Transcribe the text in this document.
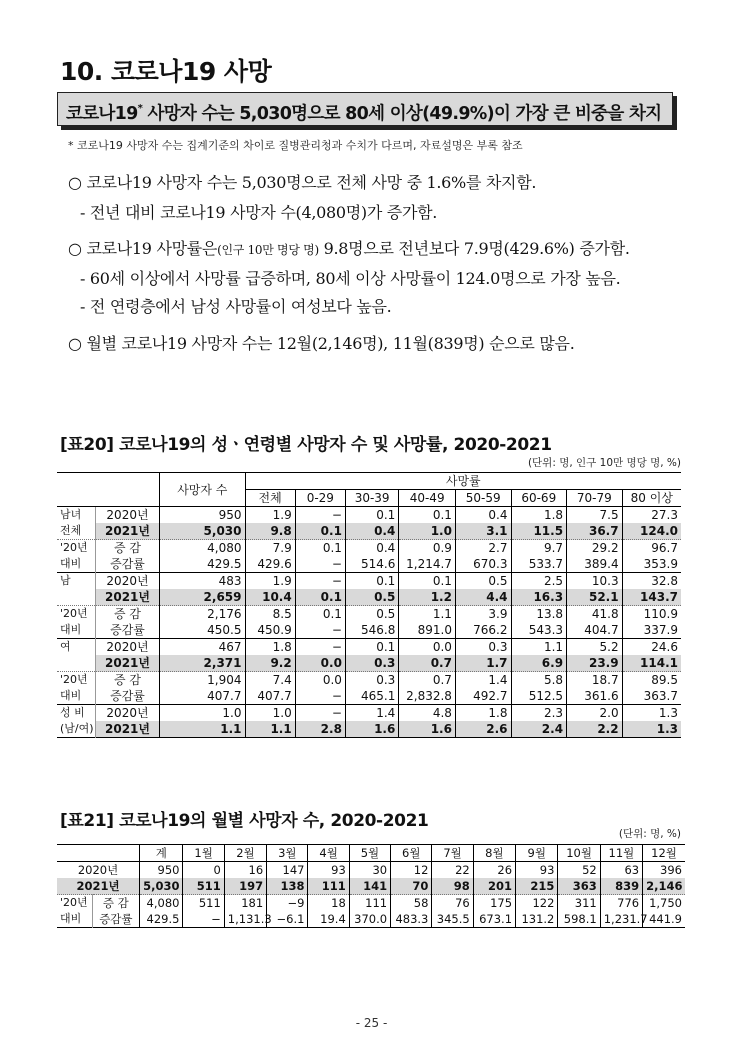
10. 코로나19 사망
코로나19* 사망자 수는 5,030명으로 80세 이상(49.9%)이 가장 큰 비중을 차지
* 코로나19 사망자 수는 집계기준의 차이로 질병관리청과 수치가 다르며, 자료설명은 부록 참조
○ 코로나19 사망자 수는 5,030명으로 전체 사망 중 1.6%를 차지함.
- 전년 대비 코로나19 사망자 수(4,080명)가 증가함.
○ 코로나19 사망률은(인구 10만 명당 명) 9.8명으로 전년보다 7.9명(429.6%) 증가함.
- 60세 이상에서 사망률 급증하며, 80세 이상 사망률이 124.0명으로 가장 높음.
- 전 연령층에서 남성 사망률이 여성보다 높음.
○ 월별 코로나19 사망자 수는 12월(2,146명), 11월(839명) 순으로 많음.
[표20] 코로나19의 성ㆍ연령별 사망자 수 및 사망률, 2020-2021
(단위: 명, 인구 10만 명당 명, %)
		사망자 수	사망률							
			전체	0-29	30-39	40-49	50-59	60-69	70-79	80 이상
남녀	2020년	950	1.9	−	0.1	0.1	0.4	1.8	7.5	27.3
전체	2021년	5,030	9.8	0.1	0.4	1.0	3.1	11.5	36.7	124.0
'20년	증 감	4,080	7.9	0.1	0.4	0.9	2.7	9.7	29.2	96.7
대비	증감률	429.5	429.6	−	514.6	1,214.7	670.3	533.7	389.4	353.9
남	2020년	483	1.9	−	0.1	0.1	0.5	2.5	10.3	32.8
	2021년	2,659	10.4	0.1	0.5	1.2	4.4	16.3	52.1	143.7
'20년	증 감	2,176	8.5	0.1	0.5	1.1	3.9	13.8	41.8	110.9
대비	증감률	450.5	450.9	−	546.8	891.0	766.2	543.3	404.7	337.9
여	2020년	467	1.8	−	0.1	0.0	0.3	1.1	5.2	24.6
	2021년	2,371	9.2	0.0	0.3	0.7	1.7	6.9	23.9	114.1
'20년	증 감	1,904	7.4	0.0	0.3	0.7	1.4	5.8	18.7	89.5
대비	증감률	407.7	407.7	−	465.1	2,832.8	492.7	512.5	361.6	363.7
성 비	2020년	1.0	1.0	−	1.4	4.8	1.8	2.3	2.0	1.3
(남/여)	2021년	1.1	1.1	2.8	1.6	1.6	2.6	2.4	2.2	1.3
[표21] 코로나19의 월별 사망자 수, 2020-2021
(단위: 명, %)
		계	1월	2월	3월	4월	5월	6월	7월	8월	9월	10월	11월	12월
2020년		950	0	16	147	93	30	12	22	26	93	52	63	396
2021년		5,030	511	197	138	111	141	70	98	201	215	363	839	2,146
'20년	증 감	4,080	511	181	−9	18	111	58	76	175	122	311	776	1,750
대비	증감률	429.5	−	1,131.3	−6.1	19.4	370.0	483.3	345.5	673.1	131.2	598.1	1,231.7	441.9
- 25 -
